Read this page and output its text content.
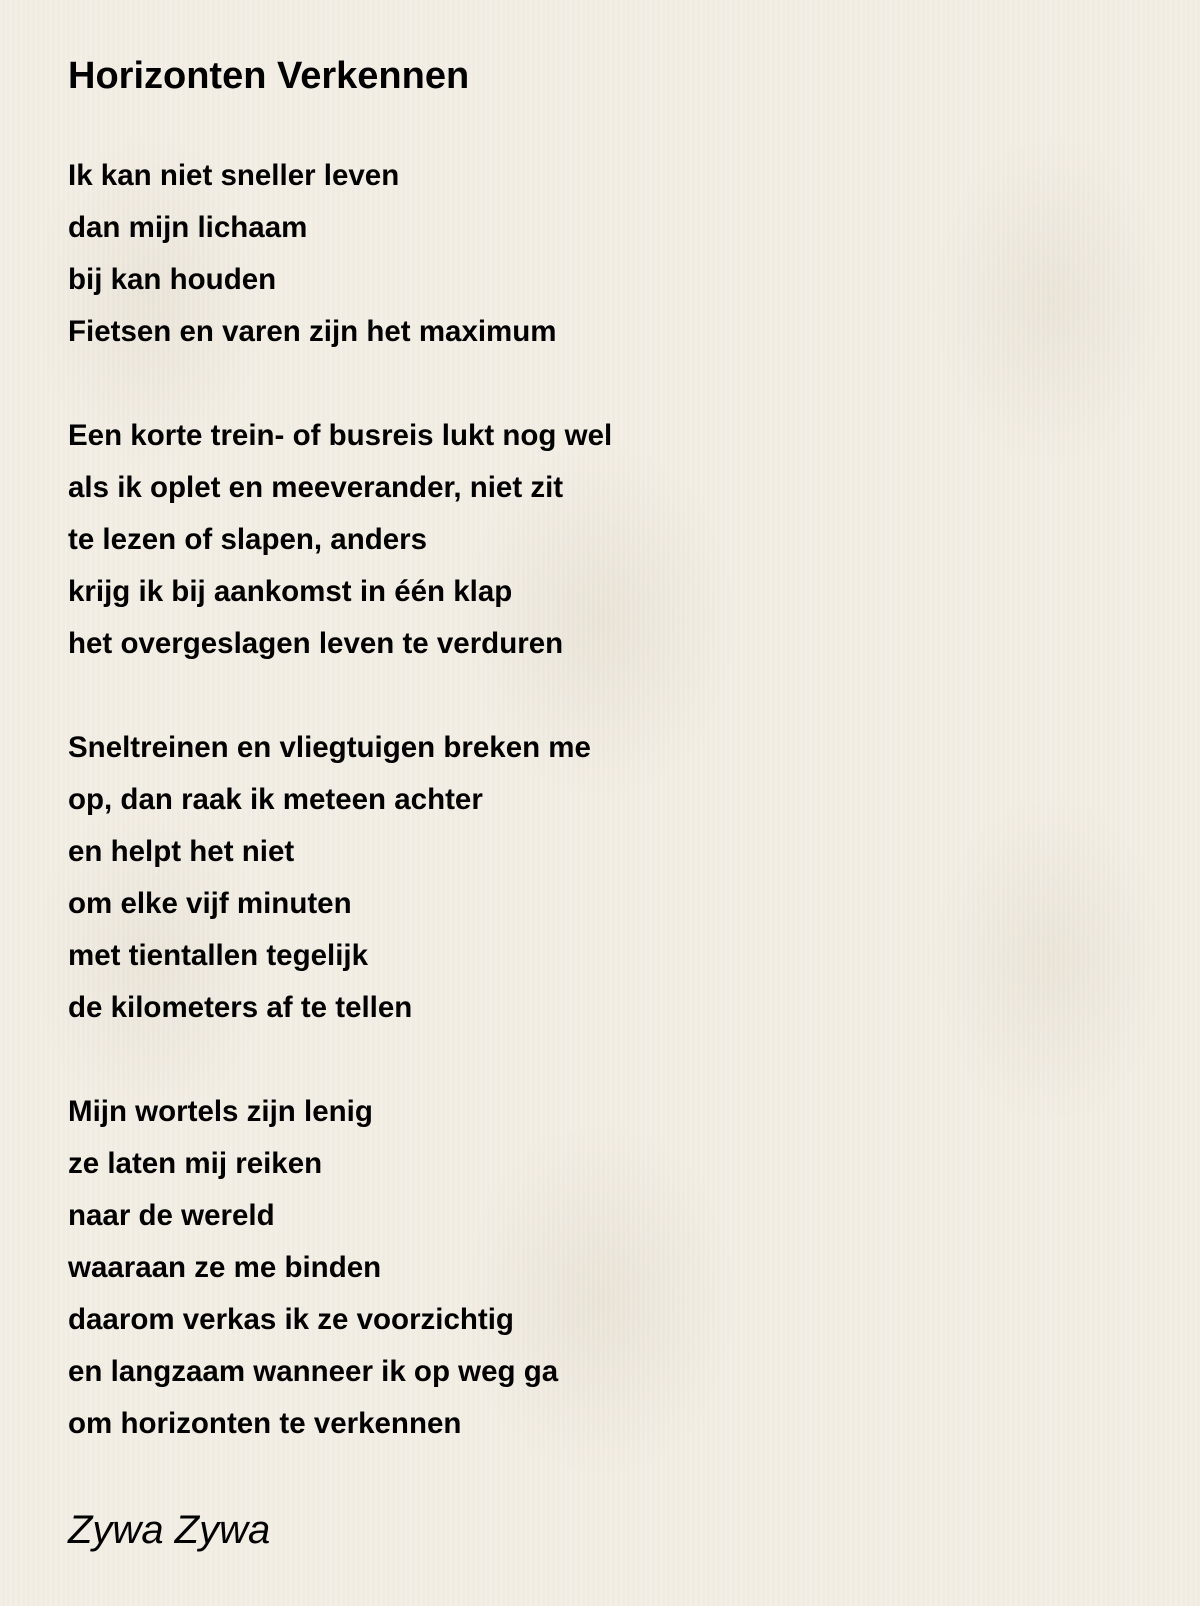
Horizonten Verkennen
Ik kan niet sneller leven
dan mijn lichaam
bij kan houden
Fietsen en varen zijn het maximum
Een korte trein- of busreis lukt nog wel
als ik oplet en meeverander, niet zit
te lezen of slapen, anders
krijg ik bij aankomst in één klap
het overgeslagen leven te verduren
Sneltreinen en vliegtuigen breken me
op, dan raak ik meteen achter
en helpt het niet
om elke vijf minuten
met tientallen tegelijk
de kilometers af te tellen
Mijn wortels zijn lenig
ze laten mij reiken
naar de wereld
waaraan ze me binden
daarom verkas ik ze voorzichtig
en langzaam wanneer ik op weg ga
om horizonten te verkennen
Zywa Zywa
